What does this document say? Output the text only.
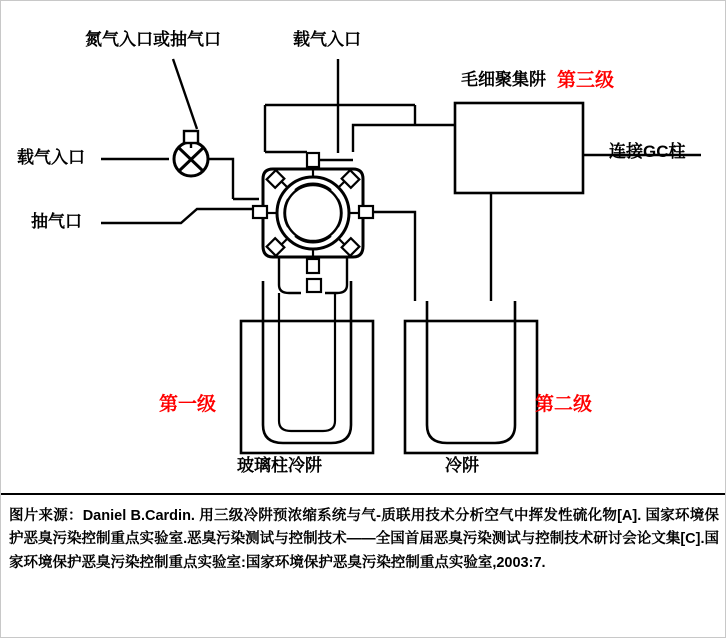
氮气入口或抽气口	载气入口
毛细聚集阱 第三级
载气入口
抽气口
连接GC柱
第一级	第二级
玻璃柱冷阱	冷阱

图片来源：Daniel B.Cardin. 用三级冷阱预浓缩系统与气-质联用技术分析空气中挥发性硫化物[A]. 国家环境保护恶臭污染控制重点实验室.恶臭污染测试与控制技术——全国首届恶臭污染测试与控制技术研讨会论文集[C].国家环境保护恶臭污染控制重点实验室:国家环境保护恶臭污染控制重点实验室,2003:7.
